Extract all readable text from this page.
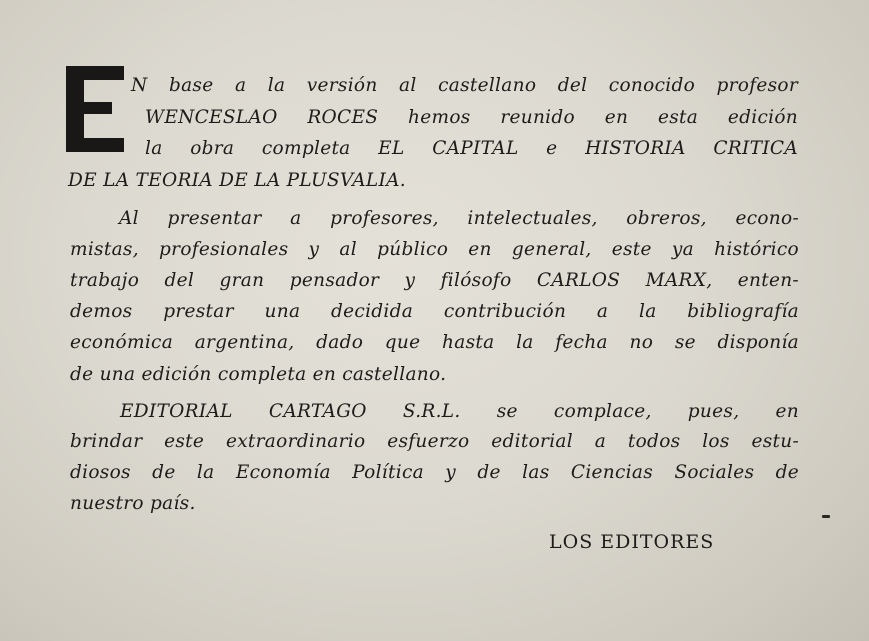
N base a la versión al castellano del conocido profesor
WENCESLAO ROCES hemos reunido en esta edición
la obra completa EL CAPITAL e HISTORIA CRITICA
DE LA TEORIA DE LA PLUSVALIA.
Al presentar a profesores, intelectuales, obreros, econo-
mistas, profesionales y al público en general, este ya histórico
trabajo del gran pensador y filósofo CARLOS MARX, enten-
demos prestar una decidida contribución a la bibliografía
económica argentina, dado que hasta la fecha no se disponía
de una edición completa en castellano.
EDITORIAL CARTAGO S.R.L. se complace, pues, en
brindar este extraordinario esfuerzo editorial a todos los estu-
diosos de la Economía Política y de las Ciencias Sociales de
nuestro país.
LOS EDITORES
